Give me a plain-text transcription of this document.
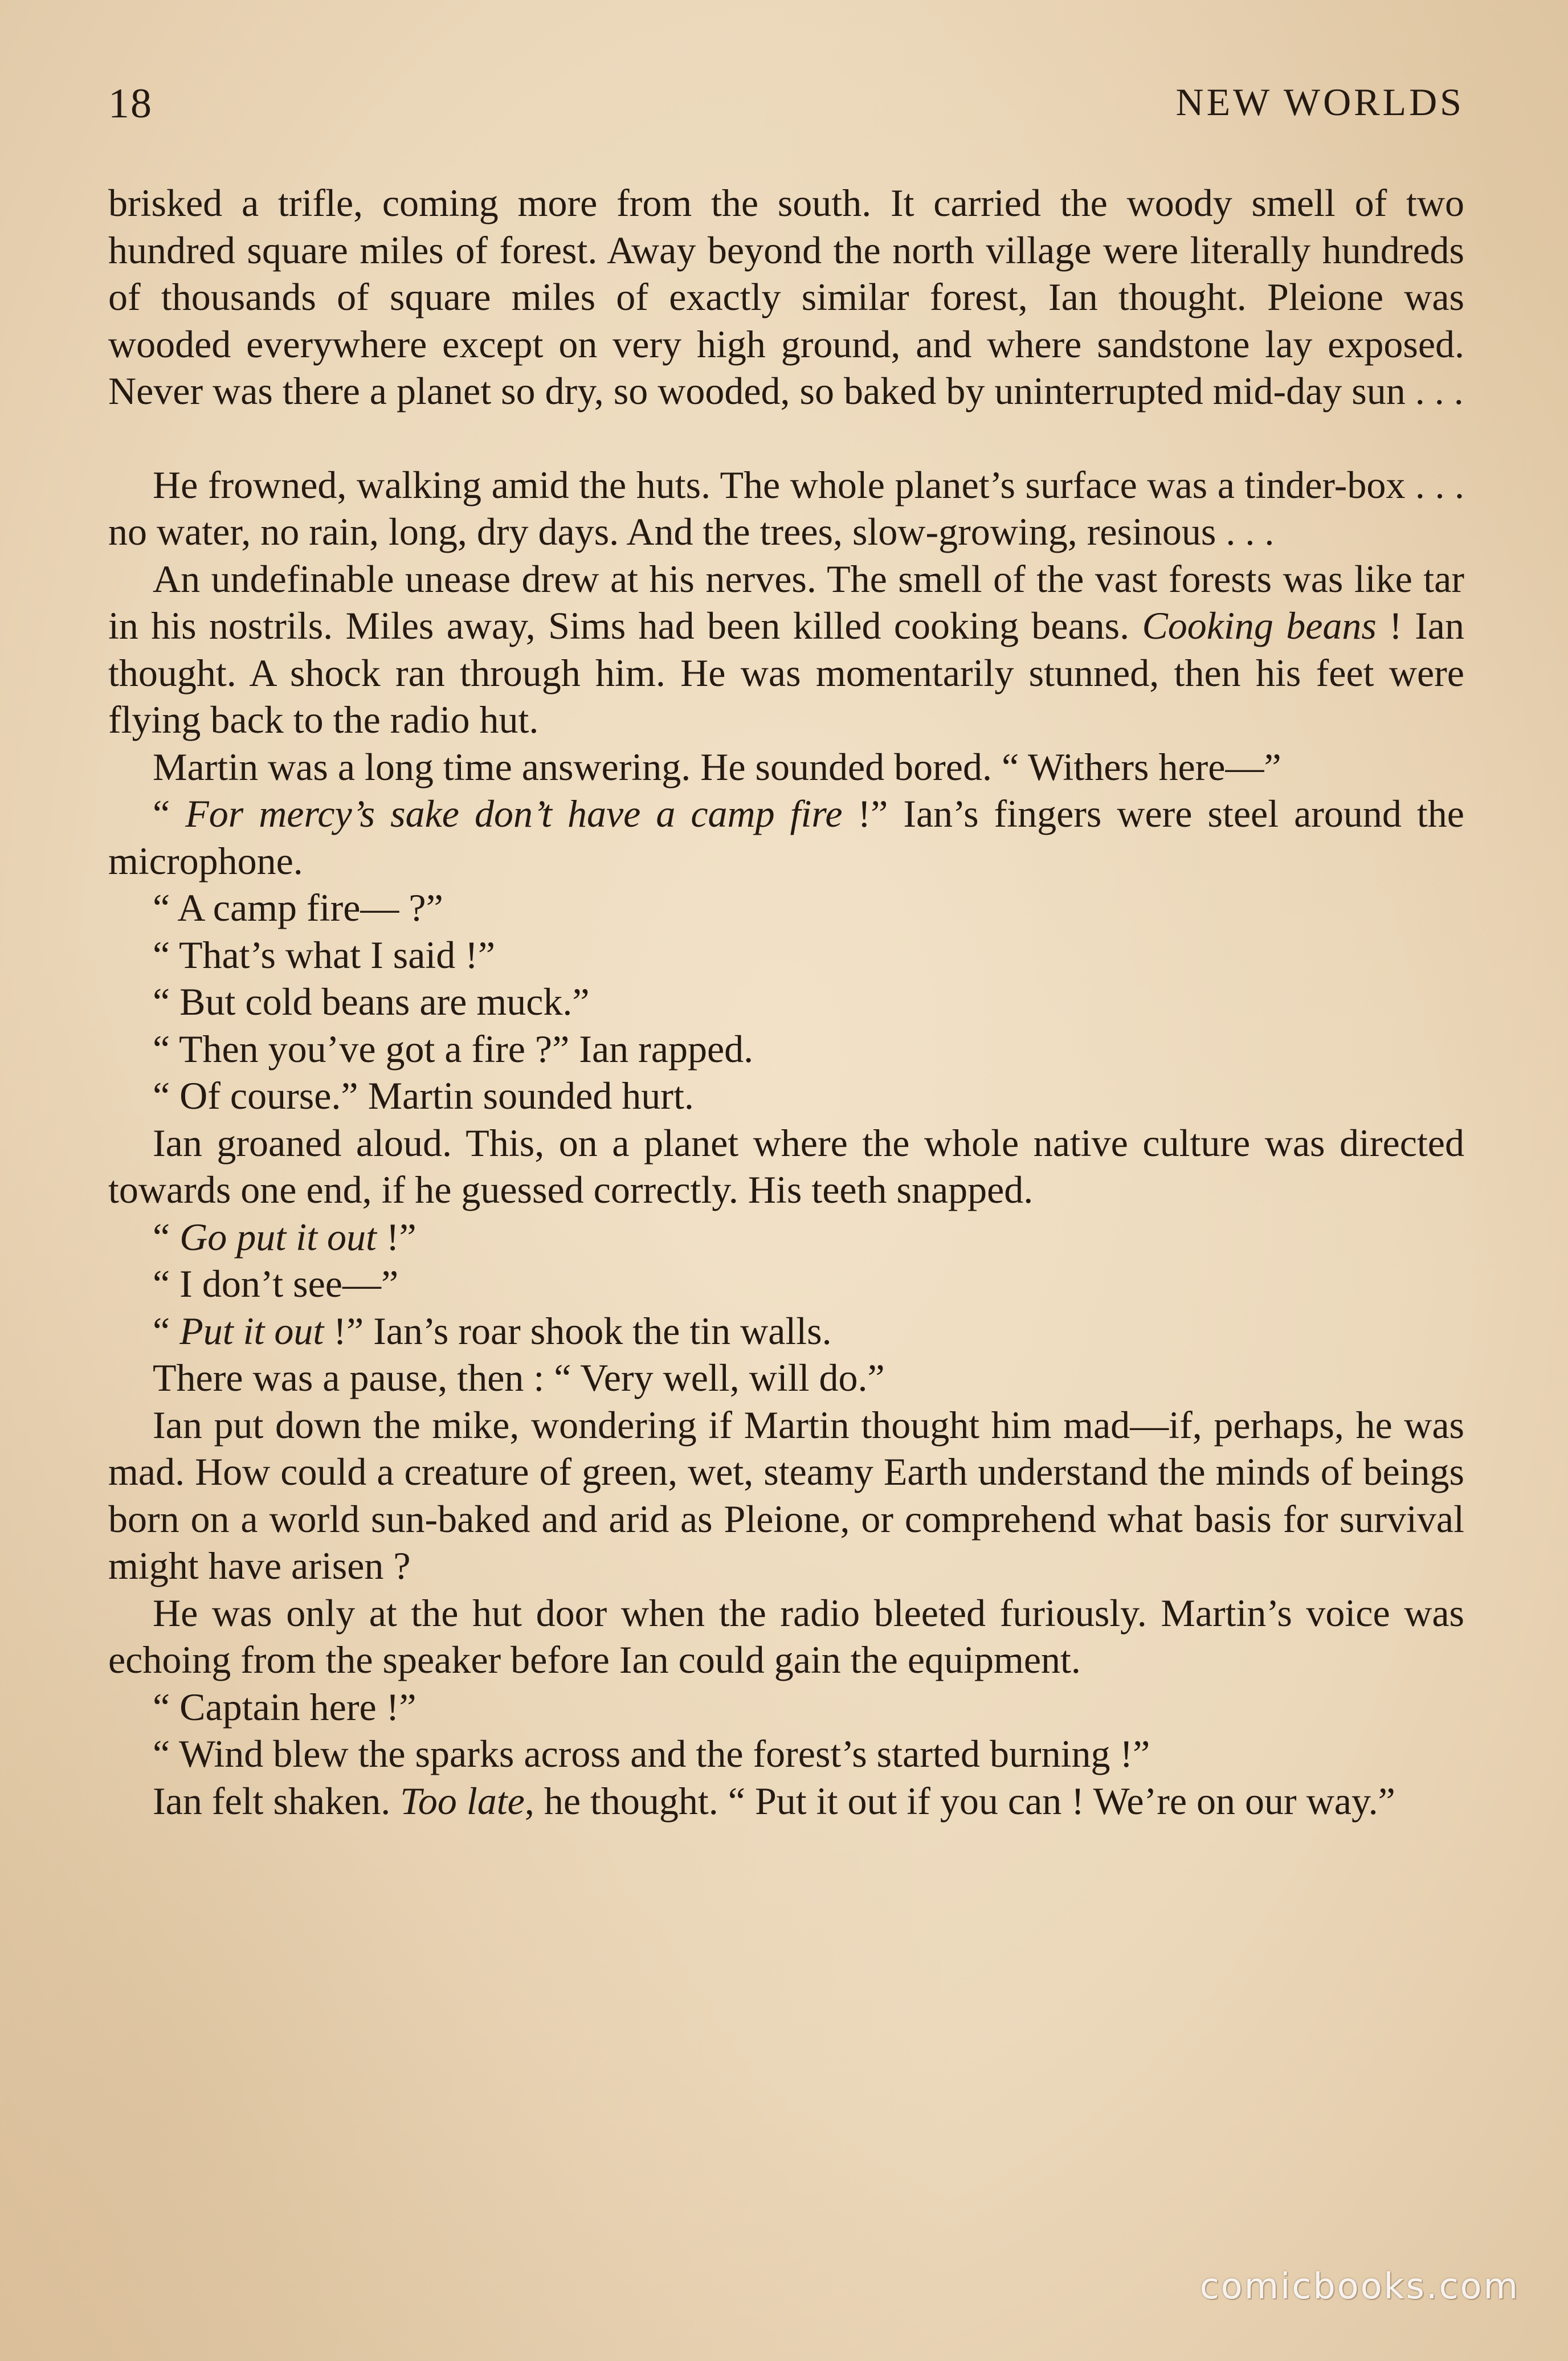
18	NEW WORLDS

brisked a trifle, coming more from the south. It carried the woody smell of two hundred square miles of forest. Away beyond the north village were literally hundreds of thousands of square miles of exactly similar forest, Ian thought. Pleione was wooded everywhere except on very high ground, and where sandstone lay exposed. Never was there a planet so dry, so wooded, so baked by uninterrupted mid-day sun . . .

He frowned, walking amid the huts. The whole planet’s surface was a tinder-box . . . no water, no rain, long, dry days. And the trees, slow-growing, resinous . . .

An undefinable unease drew at his nerves. The smell of the vast forests was like tar in his nostrils. Miles away, Sims had been killed cooking beans. Cooking beans ! Ian thought. A shock ran through him. He was momentarily stunned, then his feet were flying back to the radio hut.

Martin was a long time answering. He sounded bored. “ Withers here—”

“ For mercy’s sake don’t have a camp fire !” Ian’s fingers were steel around the microphone.

“ A camp fire— ?”

“ That’s what I said !”

“ But cold beans are muck.”

“ Then you’ve got a fire ?” Ian rapped.

“ Of course.” Martin sounded hurt.

Ian groaned aloud. This, on a planet where the whole native culture was directed towards one end, if he guessed correctly. His teeth snapped.

“ Go put it out !”

“ I don’t see—”

“ Put it out !” Ian’s roar shook the tin walls.

There was a pause, then : “ Very well, will do.”

Ian put down the mike, wondering if Martin thought him mad—if, perhaps, he was mad. How could a creature of green, wet, steamy Earth understand the minds of beings born on a world sun-baked and arid as Pleione, or comprehend what basis for survival might have arisen ?

He was only at the hut door when the radio bleeted furiously. Martin’s voice was echoing from the speaker before Ian could gain the equipment.

“ Captain here !”

“ Wind blew the sparks across and the forest’s started burning !”

Ian felt shaken. Too late, he thought. “ Put it out if you can ! We’re on our way.”

comicbooks.com
